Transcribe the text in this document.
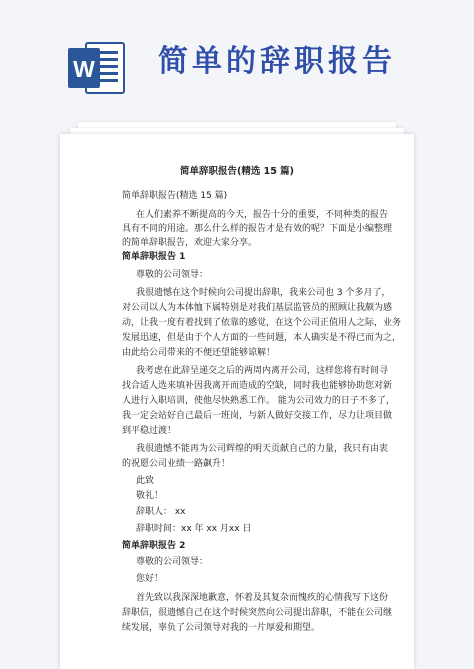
W 简单的辞职报告
简单辞职报告(精选 15 篇)
简单辞职报告(精选 15 篇)
在人们素养不断提高的今天，报告十分的重要，不同种类的报告
具有不同的用途。那么什么样的报告才是有效的呢？下面是小编整理
的简单辞职报告，欢迎大家分享。
简单辞职报告 1
尊敬的公司领导：
我很遗憾在这个时候向公司提出辞职，我来公司也 3 个多月了，
对公司以人为本体恤下属特别是对我们基层监管员的照顾让我颇为感
动，让我一度有着找到了依靠的感觉，在这个公司正值用人之际，业务
发展迅速，但是由于个人方面的一些问题，本人确实是不得已而为之，
由此给公司带来的不便还望能够谅解！
我考虑在此辞呈递交之后的两周内离开公司，这样您将有时间寻
找合适人选来填补因我离开而造成的空缺，同时我也能够协助您对新
人进行入职培训，使他尽快熟悉工作。 能为公司效力的日子不多了，
我一定会站好自己最后一班岗，与新人做好交接工作，尽力让项目做
到平稳过渡！
我很遗憾不能再为公司辉煌的明天贡献自己的力量，我只有由衷
的祝愿公司业绩一路飙升！
此致
敬礼！
辞职人： xx
辞职时间：xx 年 xx 月xx 日
简单辞职报告 2
尊敬的公司领导：
您好！
首先致以我深深地歉意，怀着及其复杂而愧疚的心情我写下这份
辞职信，很遗憾自己在这个时候突然向公司提出辞职，不能在公司继
续发展，辜负了公司领导对我的一片厚爱和期望。
